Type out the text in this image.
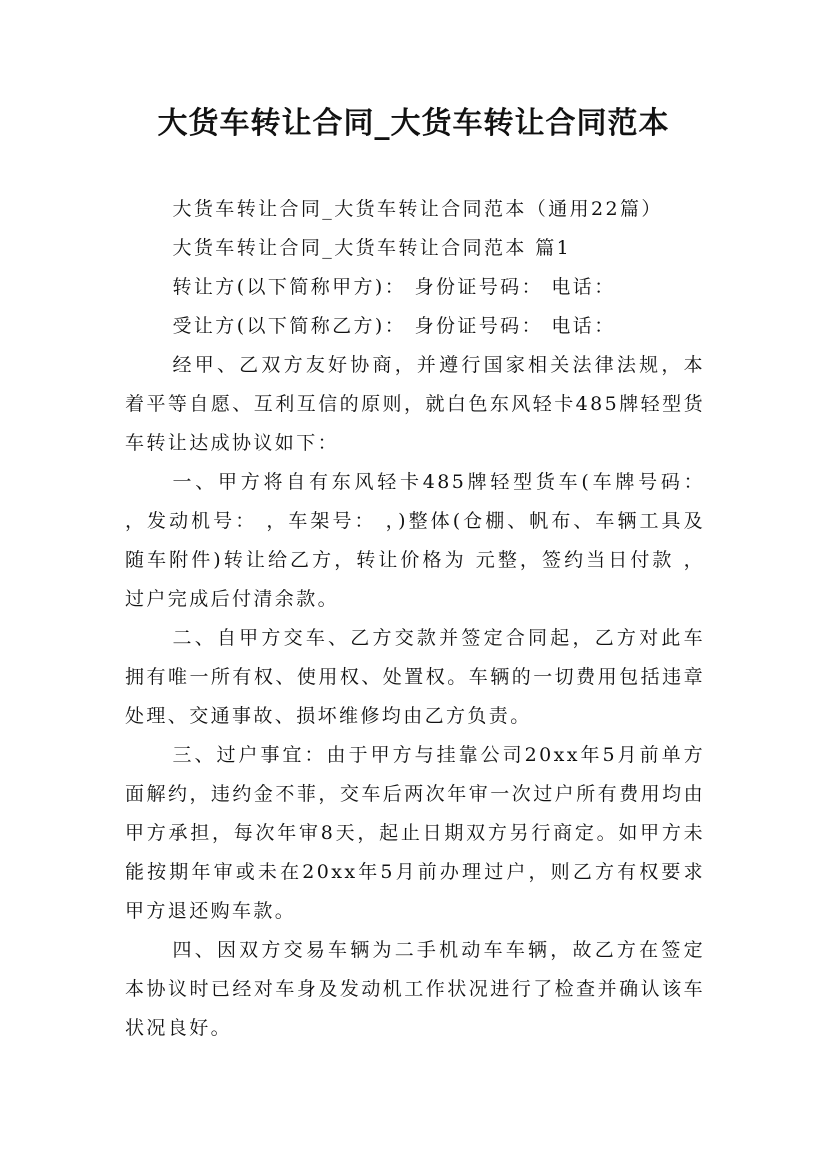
大货车转让合同_大货车转让合同范本

大货车转让合同_大货车转让合同范本（通用22篇）

大货车转让合同_大货车转让合同范本 篇1

转让方(以下简称甲方)： 身份证号码： 电话：

受让方(以下简称乙方)： 身份证号码： 电话：

经甲、乙双方友好协商，并遵行国家相关法律法规，本着平等自愿、互利互信的原则，就白色东风轻卡485牌轻型货车转让达成协议如下：

一、甲方将自有东风轻卡485牌轻型货车(车牌号码： ，发动机号： ，车架号： ，)整体(仓棚、帆布、车辆工具及随车附件)转让给乙方，转让价格为 元整，签约当日付款 ，过户完成后付清余款。

二、自甲方交车、乙方交款并签定合同起，乙方对此车拥有唯一所有权、使用权、处置权。车辆的一切费用包括违章处理、交通事故、损坏维修均由乙方负责。

三、过户事宜：由于甲方与挂靠公司20xx年5月前单方面解约，违约金不菲，交车后两次年审一次过户所有费用均由甲方承担，每次年审8天，起止日期双方另行商定。如甲方未能按期年审或未在20xx年5月前办理过户，则乙方有权要求甲方退还购车款。

四、因双方交易车辆为二手机动车车辆，故乙方在签定本协议时已经对车身及发动机工作状况进行了检查并确认该车状况良好。
